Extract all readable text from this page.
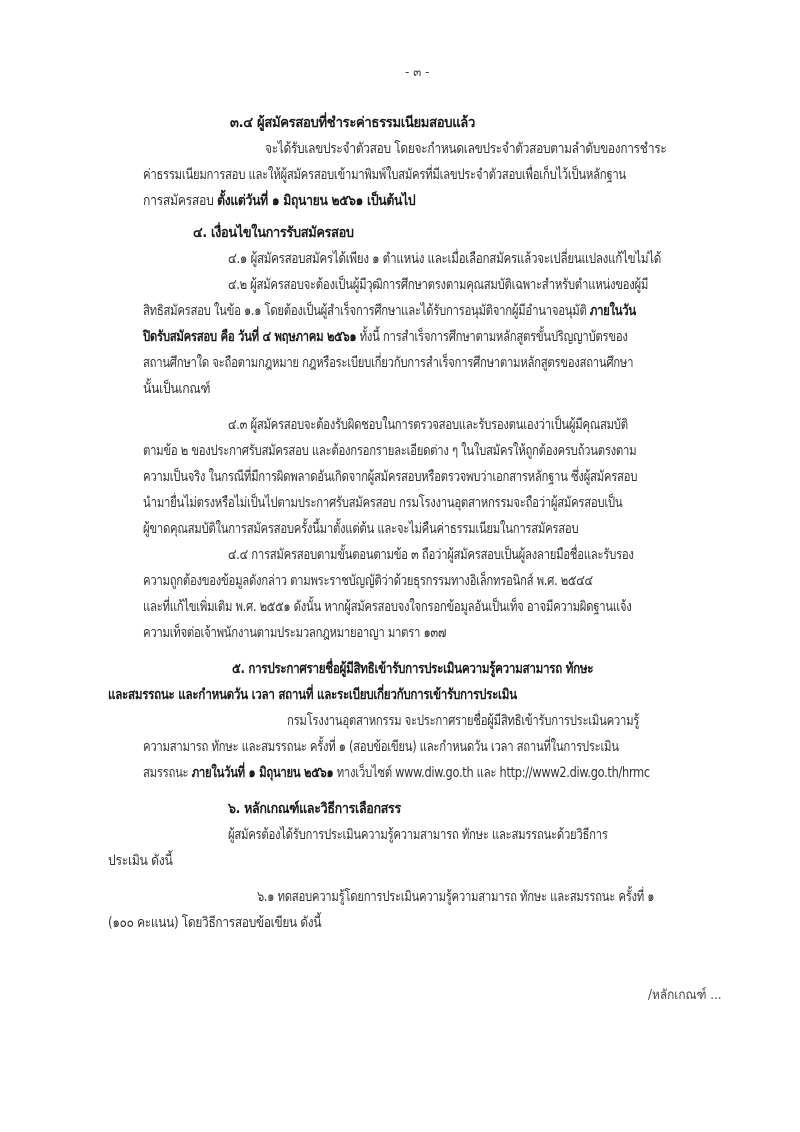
- ๓ -
๓.๔ ผู้สมัครสอบที่ชำระค่าธรรมเนียมสอบแล้ว
จะได้รับเลขประจำตัวสอบ โดยจะกำหนดเลขประจำตัวสอบตามลำดับของการชำระ
ค่าธรรมเนียมการสอบ และให้ผู้สมัครสอบเข้ามาพิมพ์ใบสมัครที่มีเลขประจำตัวสอบเพื่อเก็บไว้เป็นหลักฐาน
การสมัครสอบ ตั้งแต่วันที่ ๑ มิถุนายน ๒๕๖๑ เป็นต้นไป
๔. เงื่อนไขในการรับสมัครสอบ
๔.๑ ผู้สมัครสอบสมัครได้เพียง ๑ ตำแหน่ง และเมื่อเลือกสมัครแล้วจะเปลี่ยนแปลงแก้ไขไม่ได้
๔.๒ ผู้สมัครสอบจะต้องเป็นผู้มีวุฒิการศึกษาตรงตามคุณสมบัติเฉพาะสำหรับตำแหน่งของผู้มี
สิทธิสมัครสอบ ในข้อ ๑.๑ โดยต้องเป็นผู้สำเร็จการศึกษาและได้รับการอนุมัติจากผู้มีอำนาจอนุมัติ ภายในวัน
ปิดรับสมัครสอบ คือ วันที่ ๔ พฤษภาคม ๒๕๖๑ ทั้งนี้ การสำเร็จการศึกษาตามหลักสูตรขั้นปริญญาบัตรของ
สถานศึกษาใด จะถือตามกฎหมาย กฎหรือระเบียบเกี่ยวกับการสำเร็จการศึกษาตามหลักสูตรของสถานศึกษา
นั้นเป็นเกณฑ์
๔.๓ ผู้สมัครสอบจะต้องรับผิดชอบในการตรวจสอบและรับรองตนเองว่าเป็นผู้มีคุณสมบัติ
ตามข้อ ๒ ของประกาศรับสมัครสอบ และต้องกรอกรายละเอียดต่าง ๆ ในใบสมัครให้ถูกต้องครบถ้วนตรงตาม
ความเป็นจริง ในกรณีที่มีการผิดพลาดอันเกิดจากผู้สมัครสอบหรือตรวจพบว่าเอกสารหลักฐาน ซึ่งผู้สมัครสอบ
นำมายื่นไม่ตรงหรือไม่เป็นไปตามประกาศรับสมัครสอบ กรมโรงงานอุตสาหกรรมจะถือว่าผู้สมัครสอบเป็น
ผู้ขาดคุณสมบัติในการสมัครสอบครั้งนี้มาตั้งแต่ต้น และจะไม่คืนค่าธรรมเนียมในการสมัครสอบ
๔.๔ การสมัครสอบตามขั้นตอนตามข้อ ๓ ถือว่าผู้สมัครสอบเป็นผู้ลงลายมือชื่อและรับรอง
ความถูกต้องของข้อมูลดังกล่าว ตามพระราชบัญญัติว่าด้วยธุรกรรมทางอิเล็กทรอนิกส์ พ.ศ. ๒๕๔๔
และที่แก้ไขเพิ่มเติม พ.ศ. ๒๕๕๑ ดังนั้น หากผู้สมัครสอบจงใจกรอกข้อมูลอันเป็นเท็จ อาจมีความผิดฐานแจ้ง
ความเท็จต่อเจ้าพนักงานตามประมวลกฎหมายอาญา มาตรา ๑๓๗
๕. การประกาศรายชื่อผู้มีสิทธิเข้ารับการประเมินความรู้ความสามารถ ทักษะ
และสมรรถนะ และกำหนดวัน เวลา สถานที่ และระเบียบเกี่ยวกับการเข้ารับการประเมิน
กรมโรงงานอุตสาหกรรม จะประกาศรายชื่อผู้มีสิทธิเข้ารับการประเมินความรู้
ความสามารถ ทักษะ และสมรรถนะ ครั้งที่ ๑ (สอบข้อเขียน) และกำหนดวัน เวลา สถานที่ในการประเมิน
สมรรถนะ ภายในวันที่ ๑ มิถุนายน ๒๕๖๑ ทางเว็บไซต์ www.diw.go.th และ http://www2.diw.go.th/hrmc
๖. หลักเกณฑ์และวิธีการเลือกสรร
ผู้สมัครต้องได้รับการประเมินความรู้ความสามารถ ทักษะ และสมรรถนะด้วยวิธีการ
ประเมิน ดังนี้
๖.๑ ทดสอบความรู้โดยการประเมินความรู้ความสามารถ ทักษะ และสมรรถนะ ครั้งที่ ๑
(๑๐๐ คะแนน) โดยวิธีการสอบข้อเขียน ดังนี้
/หลักเกณฑ์ ...
